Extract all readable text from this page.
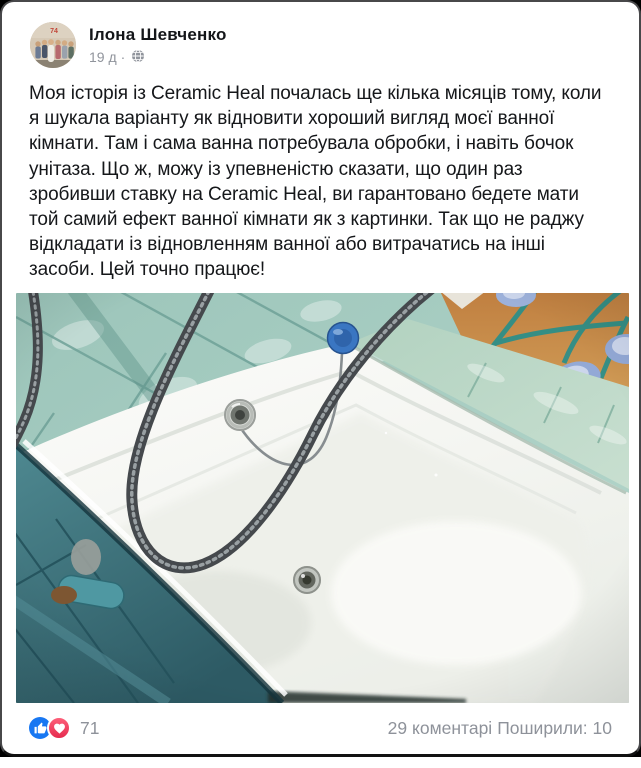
74 Ілона Шевченко
19 д ·
Моя історія із Ceramic Heal почалась ще кілька місяців тому, коли я шукала варіанту як відновити хороший вигляд моєї ванної кімнати. Там і сама ванна потребувала обробки, і навіть бочок унітаза. Що ж, можу із упевненістю сказати, що один раз зробивши ставку на Ceramic Heal, ви гарантовано бедете мати той самий ефект ванної кімнати як з картинки. Так що не раджу відкладати із відновленням ванної або витрачатись на інші засоби. Цей точно працює!
71	29 коментарі Поширили: 10
